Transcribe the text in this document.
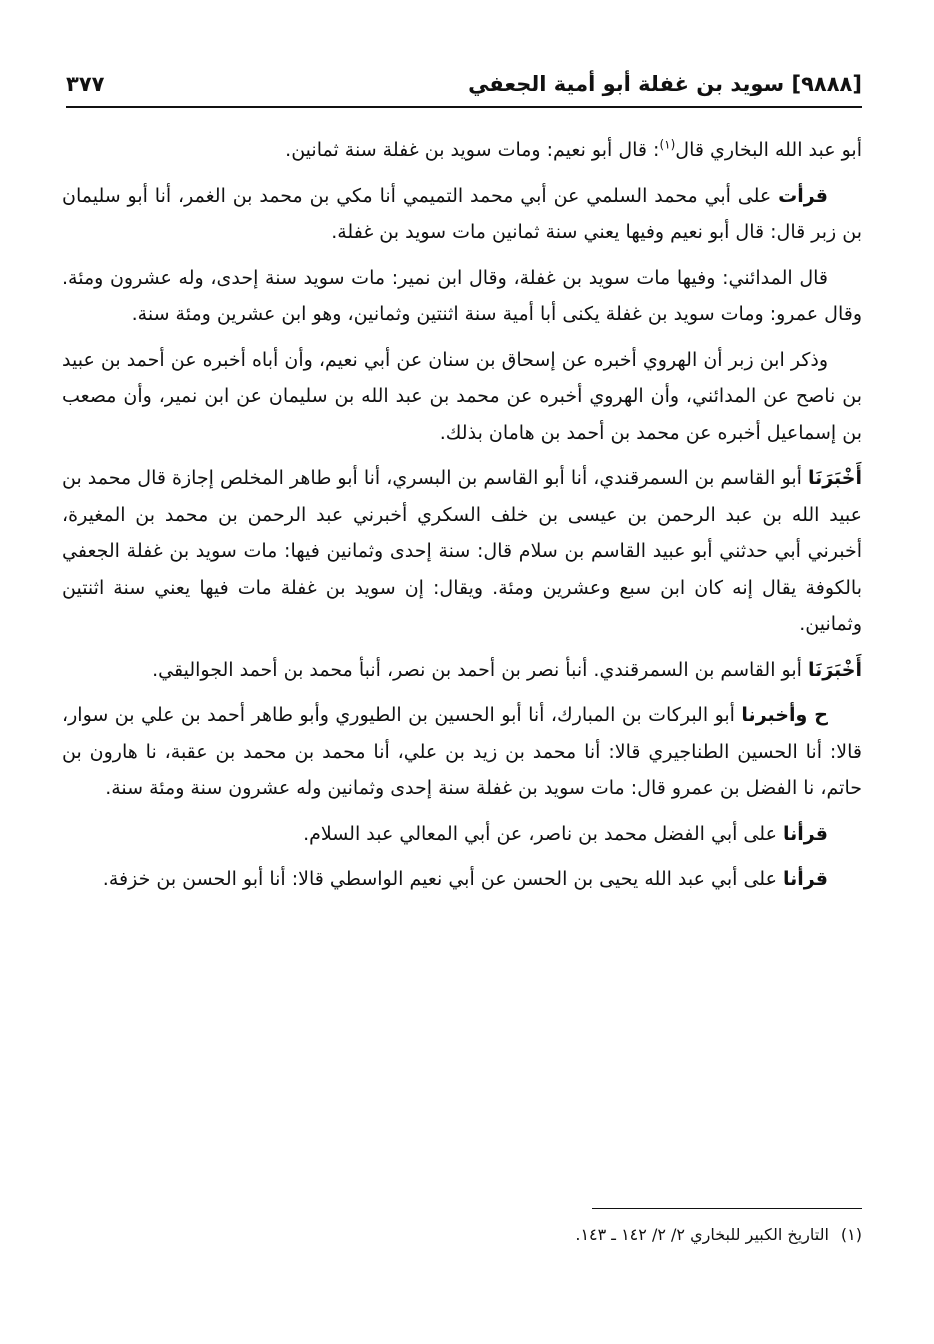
[٩٨٨٨] سويد بن غفلة أبو أمية الجعفي
٣٧٧

أبو عبد الله البخاري قال$^{(١)}$: قال أبو نعيم: ومات سويد بن غفلة سنة ثمانين.

قرأت على أبي محمد السلمي عن أبي محمد التميمي أنا مكي بن محمد بن الغمر، أنا أبو سليمان بن زبر قال: قال أبو نعيم وفيها يعني سنة ثمانين مات سويد بن غفلة.

قال المدائني: وفيها مات سويد بن غفلة، وقال ابن نمير: مات سويد سنة إحدى، وله عشرون ومئة. وقال عمرو: ومات سويد بن غفلة يكنى أبا أمية سنة اثنتين وثمانين، وهو ابن عشرين ومئة سنة.

وذكر ابن زبر أن الهروي أخبره عن إسحاق بن سنان عن أبي نعيم، وأن أباه أخبره عن أحمد بن عبيد بن ناصح عن المدائني، وأن الهروي أخبره عن محمد بن عبد الله بن سليمان عن ابن نمير، وأن مصعب بن إسماعيل أخبره عن محمد بن أحمد بن هامان بذلك.

أَخْبَرَنَا أبو القاسم بن السمرقندي، أنا أبو القاسم بن البسري، أنا أبو طاهر المخلص إجازة قال محمد بن عبيد الله بن عبد الرحمن بن عيسى بن خلف السكري أخبرني عبد الرحمن بن محمد بن المغيرة، أخبرني أبي حدثني أبو عبيد القاسم بن سلام قال: سنة إحدى وثمانين فيها: مات سويد بن غفلة الجعفي بالكوفة يقال إنه كان ابن سبع وعشرين ومئة. ويقال: إن سويد بن غفلة مات فيها يعني سنة اثنتين وثمانين.

أَخْبَرَنَا أبو القاسم بن السمرقندي. أنبأ نصر بن أحمد بن نصر، أنبأ محمد بن أحمد الجواليقي.

ح وأخبرنا أبو البركات بن المبارك، أنا أبو الحسين بن الطيوري وأبو طاهر أحمد بن علي بن سوار، قالا: أنا الحسين الطناجيري قالا: أنا محمد بن زيد بن علي، أنا محمد بن محمد بن عقبة، نا هارون بن حاتم، نا الفضل بن عمرو قال: مات سويد بن غفلة سنة إحدى وثمانين وله عشرون سنة ومئة سنة.

قرأنا على أبي الفضل محمد بن ناصر، عن أبي المعالي عبد السلام.

قرأنا على أبي عبد الله يحيى بن الحسن عن أبي نعيم الواسطي قالا: أنا أبو الحسن بن خزفة.

(١)التاريخ الكبير للبخاري ٢/ ٢/ ١٤٢ ـ ١٤٣.
